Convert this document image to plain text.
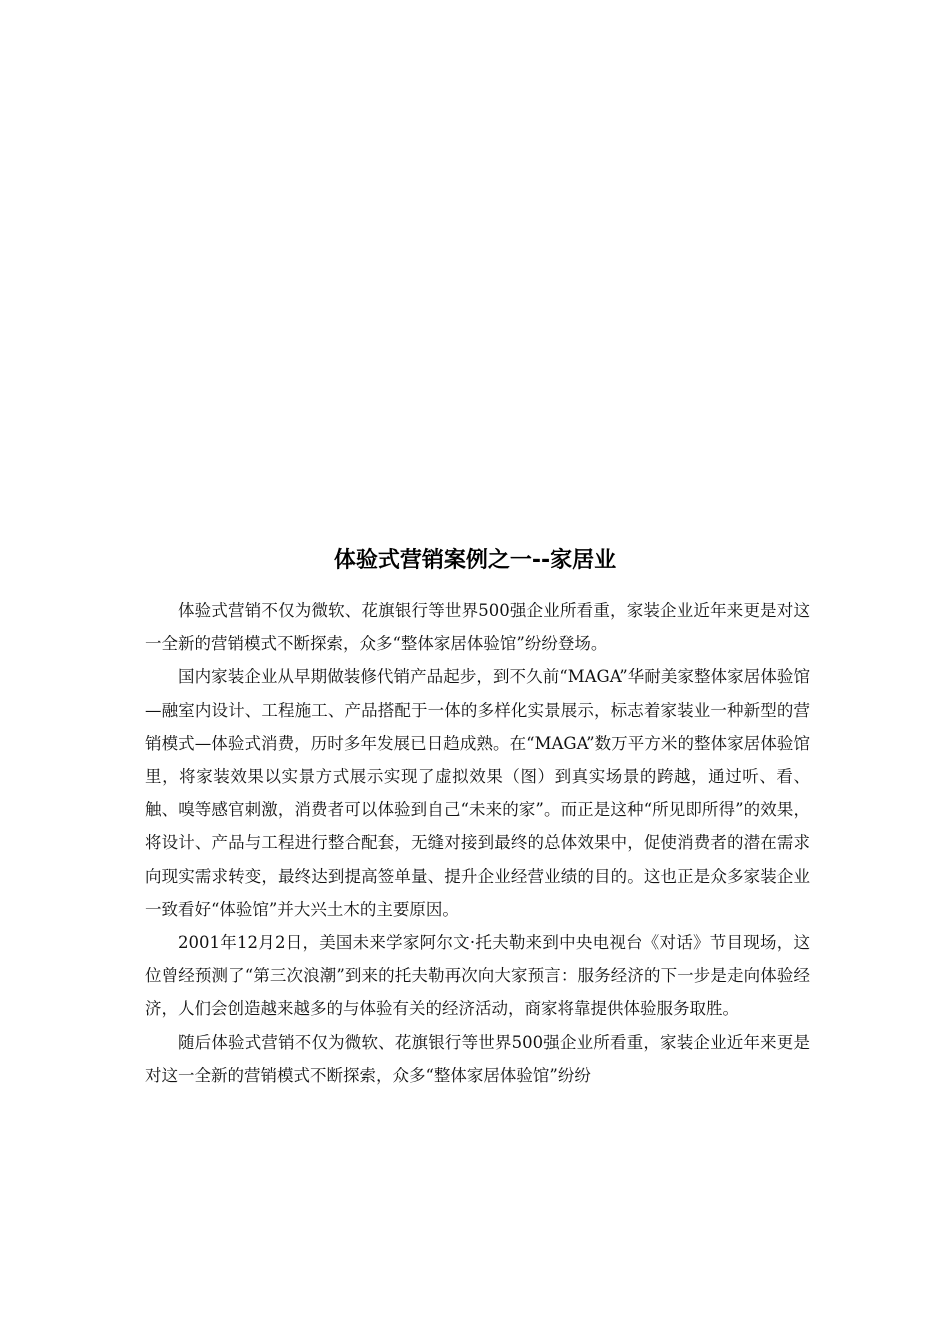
体验式营销案例之一--家居业

体验式营销不仅为微软、花旗银行等世界500强企业所看重，家装企业近年来更是对这一全新的营销模式不断探索，众多“整体家居体验馆”纷纷登场。

国内家装企业从早期做装修代销产品起步，到不久前“MAGA”华耐美家整体家居体验馆—融室内设计、工程施工、产品搭配于一体的多样化实景展示，标志着家装业一种新型的营销模式—体验式消费，历时多年发展已日趋成熟。在“MAGA”数万平方米的整体家居体验馆里，将家装效果以实景方式展示实现了虚拟效果（图）到真实场景的跨越，通过听、看、触、嗅等感官刺激，消费者可以体验到自己“未来的家”。而正是这种“所见即所得”的效果，将设计、产品与工程进行整合配套，无缝对接到最终的总体效果中，促使消费者的潜在需求向现实需求转变，最终达到提高签单量、提升企业经营业绩的目的。这也正是众多家装企业一致看好“体验馆”并大兴土木的主要原因。

2001年12月2日，美国未来学家阿尔文·托夫勒来到中央电视台《对话》节目现场，这位曾经预测了“第三次浪潮”到来的托夫勒再次向大家预言：服务经济的下一步是走向体验经济，人们会创造越来越多的与体验有关的经济活动，商家将靠提供体验服务取胜。

随后体验式营销不仅为微软、花旗银行等世界500强企业所看重，家装企业近年来更是对这一全新的营销模式不断探索，众多“整体家居体验馆”纷纷
